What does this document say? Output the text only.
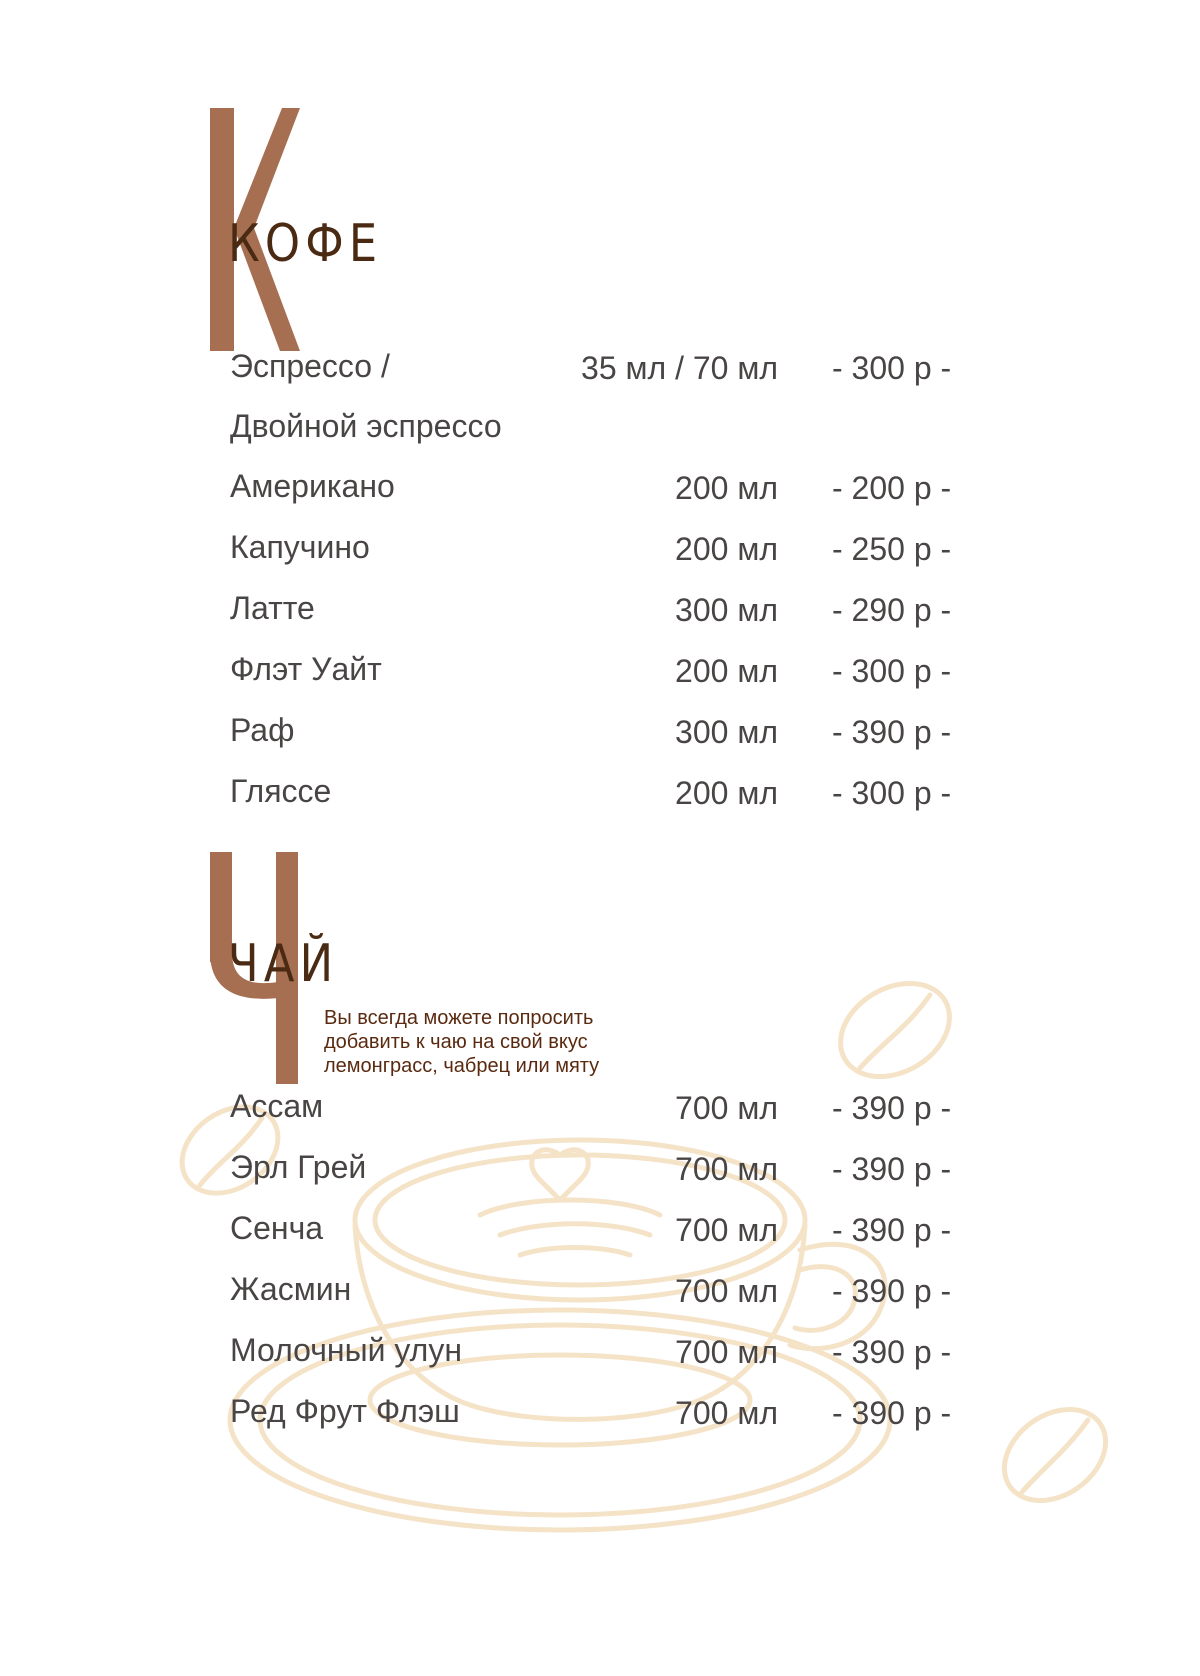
КОФЕ
Эспрессо /	35 мл / 70 мл - 300 р -
Двойной эспрессо
Американо	200 мл - 200 р -
Капучино	200 мл - 250 р -
Латте	300 мл - 290 р -
Флэт Уайт	200 мл - 300 р -
Раф	300 мл - 390 р -
Гляссе	200 мл - 300 р -
ЧАЙ
Вы всегда можете попросить
добавить к чаю на свой вкус
лемонграсс, чабрец или мяту
Ассам	700 мл - 390 р -
Эрл Грей	700 мл - 390 р -
Сенча	700 мл - 390 р -
Жасмин	700 мл - 390 р -
Молочный улун	700 мл - 390 р -
Ред Фрут Флэш	700 мл - 390 р -
